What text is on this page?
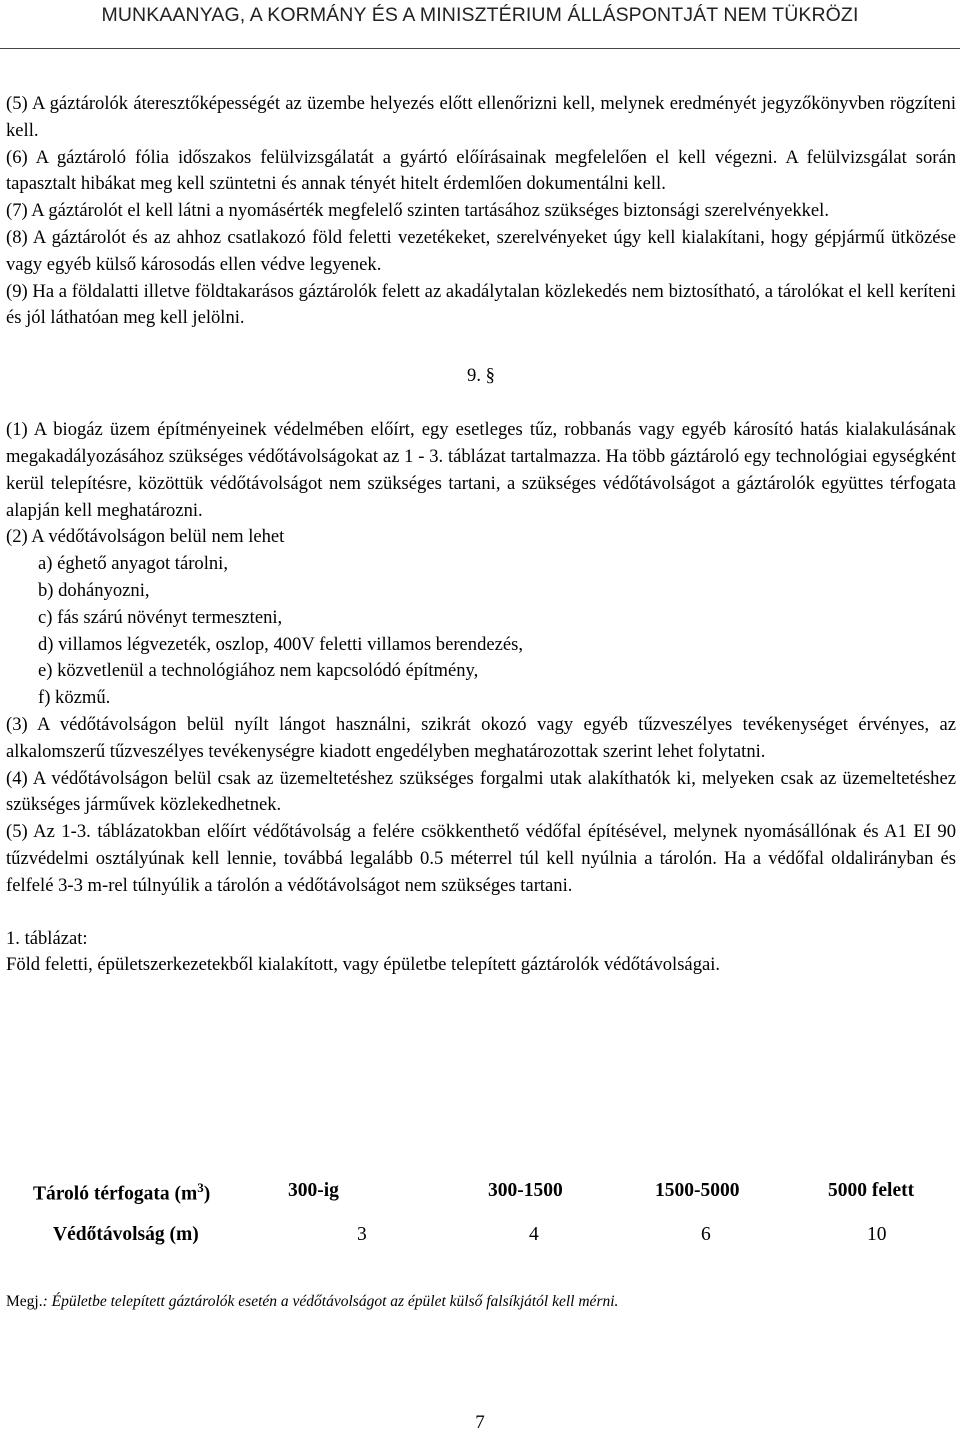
MUNKAANYAG, A KORMÁNY ÉS A MINISZTÉRIUM ÁLLÁSPONTJÁT NEM TÜKRÖZI

(5) A gáztárolók áteresztőképességét az üzembe helyezés előtt ellenőrizni kell, melynek eredményét jegyzőkönyvben rögzíteni kell.

(6) A gáztároló fólia időszakos felülvizsgálatát a gyártó előírásainak megfelelően el kell végezni. A felülvizsgálat során tapasztalt hibákat meg kell szüntetni és annak tényét hitelt érdemlően dokumentálni kell.

(7) A gáztárolót el kell látni a nyomásérték megfelelő szinten tartásához szükséges biztonsági szerelvényekkel.

(8) A gáztárolót és az ahhoz csatlakozó föld feletti vezetékeket, szerelvényeket úgy kell kialakítani, hogy gépjármű ütközése vagy egyéb külső károsodás ellen védve legyenek.

(9) Ha a földalatti illetve földtakarásos gáztárolók felett az akadálytalan közlekedés nem biztosítható, a tárolókat el kell keríteni és jól láthatóan meg kell jelölni.

9. §

(1) A biogáz üzem építményeinek védelmében előírt, egy esetleges tűz, robbanás vagy egyéb károsító hatás kialakulásának megakadályozásához szükséges védőtávolságokat az 1 - 3. táblázat tartalmazza. Ha több gáztároló egy technológiai egységként kerül telepítésre, közöttük védőtávolságot nem szükséges tartani, a szükséges védőtávolságot a gáztárolók együttes térfogata alapján kell meghatározni.

(2) A védőtávolságon belül nem lehet

a) éghető anyagot tárolni,

b) dohányozni,

c) fás szárú növényt termeszteni,

d) villamos légvezeték, oszlop, 400V feletti villamos berendezés,

e) közvetlenül a technológiához nem kapcsolódó építmény,

f) közmű.

(3) A védőtávolságon belül nyílt lángot használni, szikrát okozó vagy egyéb tűzveszélyes tevékenységet érvényes, az alkalomszerű tűzveszélyes tevékenységre kiadott engedélyben meghatározottak szerint lehet folytatni.

(4) A védőtávolságon belül csak az üzemeltetéshez szükséges forgalmi utak alakíthatók ki, melyeken csak az üzemeltetéshez szükséges járművek közlekedhetnek.

(5) Az 1-3. táblázatokban előírt védőtávolság a felére csökkenthető védőfal építésével, melynek nyomásállónak és A1 EI 90 tűzvédelmi osztályúnak kell lennie, továbbá legalább 0.5 méterrel túl kell nyúlnia a tárolón. Ha a védőfal oldalirányban és felfelé 3-3 m-rel túlnyúlik a tárolón a védőtávolságot nem szükséges tartani.

1. táblázat:

Föld feletti, épületszerkezetekből kialakított, vagy épületbe telepített gáztárolók védőtávolságai.

Tároló térfogata $(m^3)$	300-ig	300-1500	1500-5000	5000 felett
Védőtávolság (m)	3	4	6	10
Megj.: Épületbe telepített gáztárolók esetén a védőtávolságot az épület külső falsíkjától kell mérni.
7
